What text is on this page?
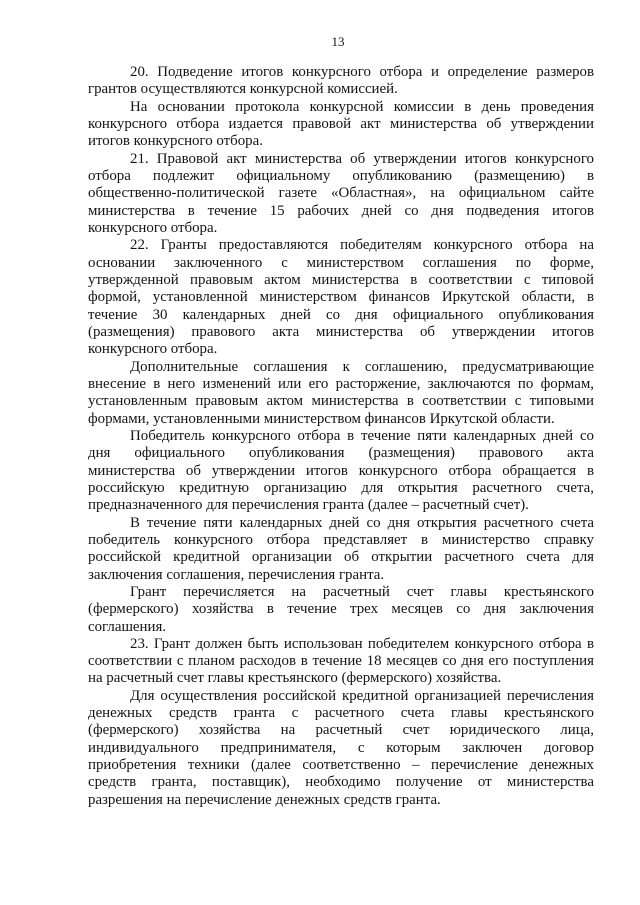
13
20. Подведение итогов конкурсного отбора и определение размеров
грантов осуществляются конкурсной комиссией.
На основании протокола конкурсной комиссии в день проведения
конкурсного отбора издается правовой акт министерства об утверждении
итогов конкурсного отбора.
21. Правовой акт министерства об утверждении итогов конкурсного
отбора подлежит официальному опубликованию (размещению) в
общественно-политической газете «Областная», на официальном сайте
министерства в течение 15 рабочих дней со дня подведения итогов
конкурсного отбора.
22. Гранты предоставляются победителям конкурсного отбора на
основании заключенного с министерством соглашения по форме,
утвержденной правовым актом министерства в соответствии с типовой
формой, установленной министерством финансов Иркутской области, в
течение 30 календарных дней со дня официального опубликования
(размещения) правового акта министерства об утверждении итогов
конкурсного отбора.
Дополнительные соглашения к соглашению, предусматривающие
внесение в него изменений или его расторжение, заключаются по формам,
установленным правовым актом министерства в соответствии с типовыми
формами, установленными министерством финансов Иркутской области.
Победитель конкурсного отбора в течение пяти календарных дней со
дня официального опубликования (размещения) правового акта
министерства об утверждении итогов конкурсного отбора обращается в
российскую кредитную организацию для открытия расчетного счета,
предназначенного для перечисления гранта (далее – расчетный счет).
В течение пяти календарных дней со дня открытия расчетного счета
победитель конкурсного отбора представляет в министерство справку
российской кредитной организации об открытии расчетного счета для
заключения соглашения, перечисления гранта.
Грант перечисляется на расчетный счет главы крестьянского
(фермерского) хозяйства в течение трех месяцев со дня заключения
соглашения.
23. Грант должен быть использован победителем конкурсного отбора в
соответствии с планом расходов в течение 18 месяцев со дня его поступления
на расчетный счет главы крестьянского (фермерского) хозяйства.
Для осуществления российской кредитной организацией перечисления
денежных средств гранта с расчетного счета главы крестьянского
(фермерского) хозяйства на расчетный счет юридического лица,
индивидуального предпринимателя, с которым заключен договор
приобретения техники (далее соответственно – перечисление денежных
средств гранта, поставщик), необходимо получение от министерства
разрешения на перечисление денежных средств гранта.
